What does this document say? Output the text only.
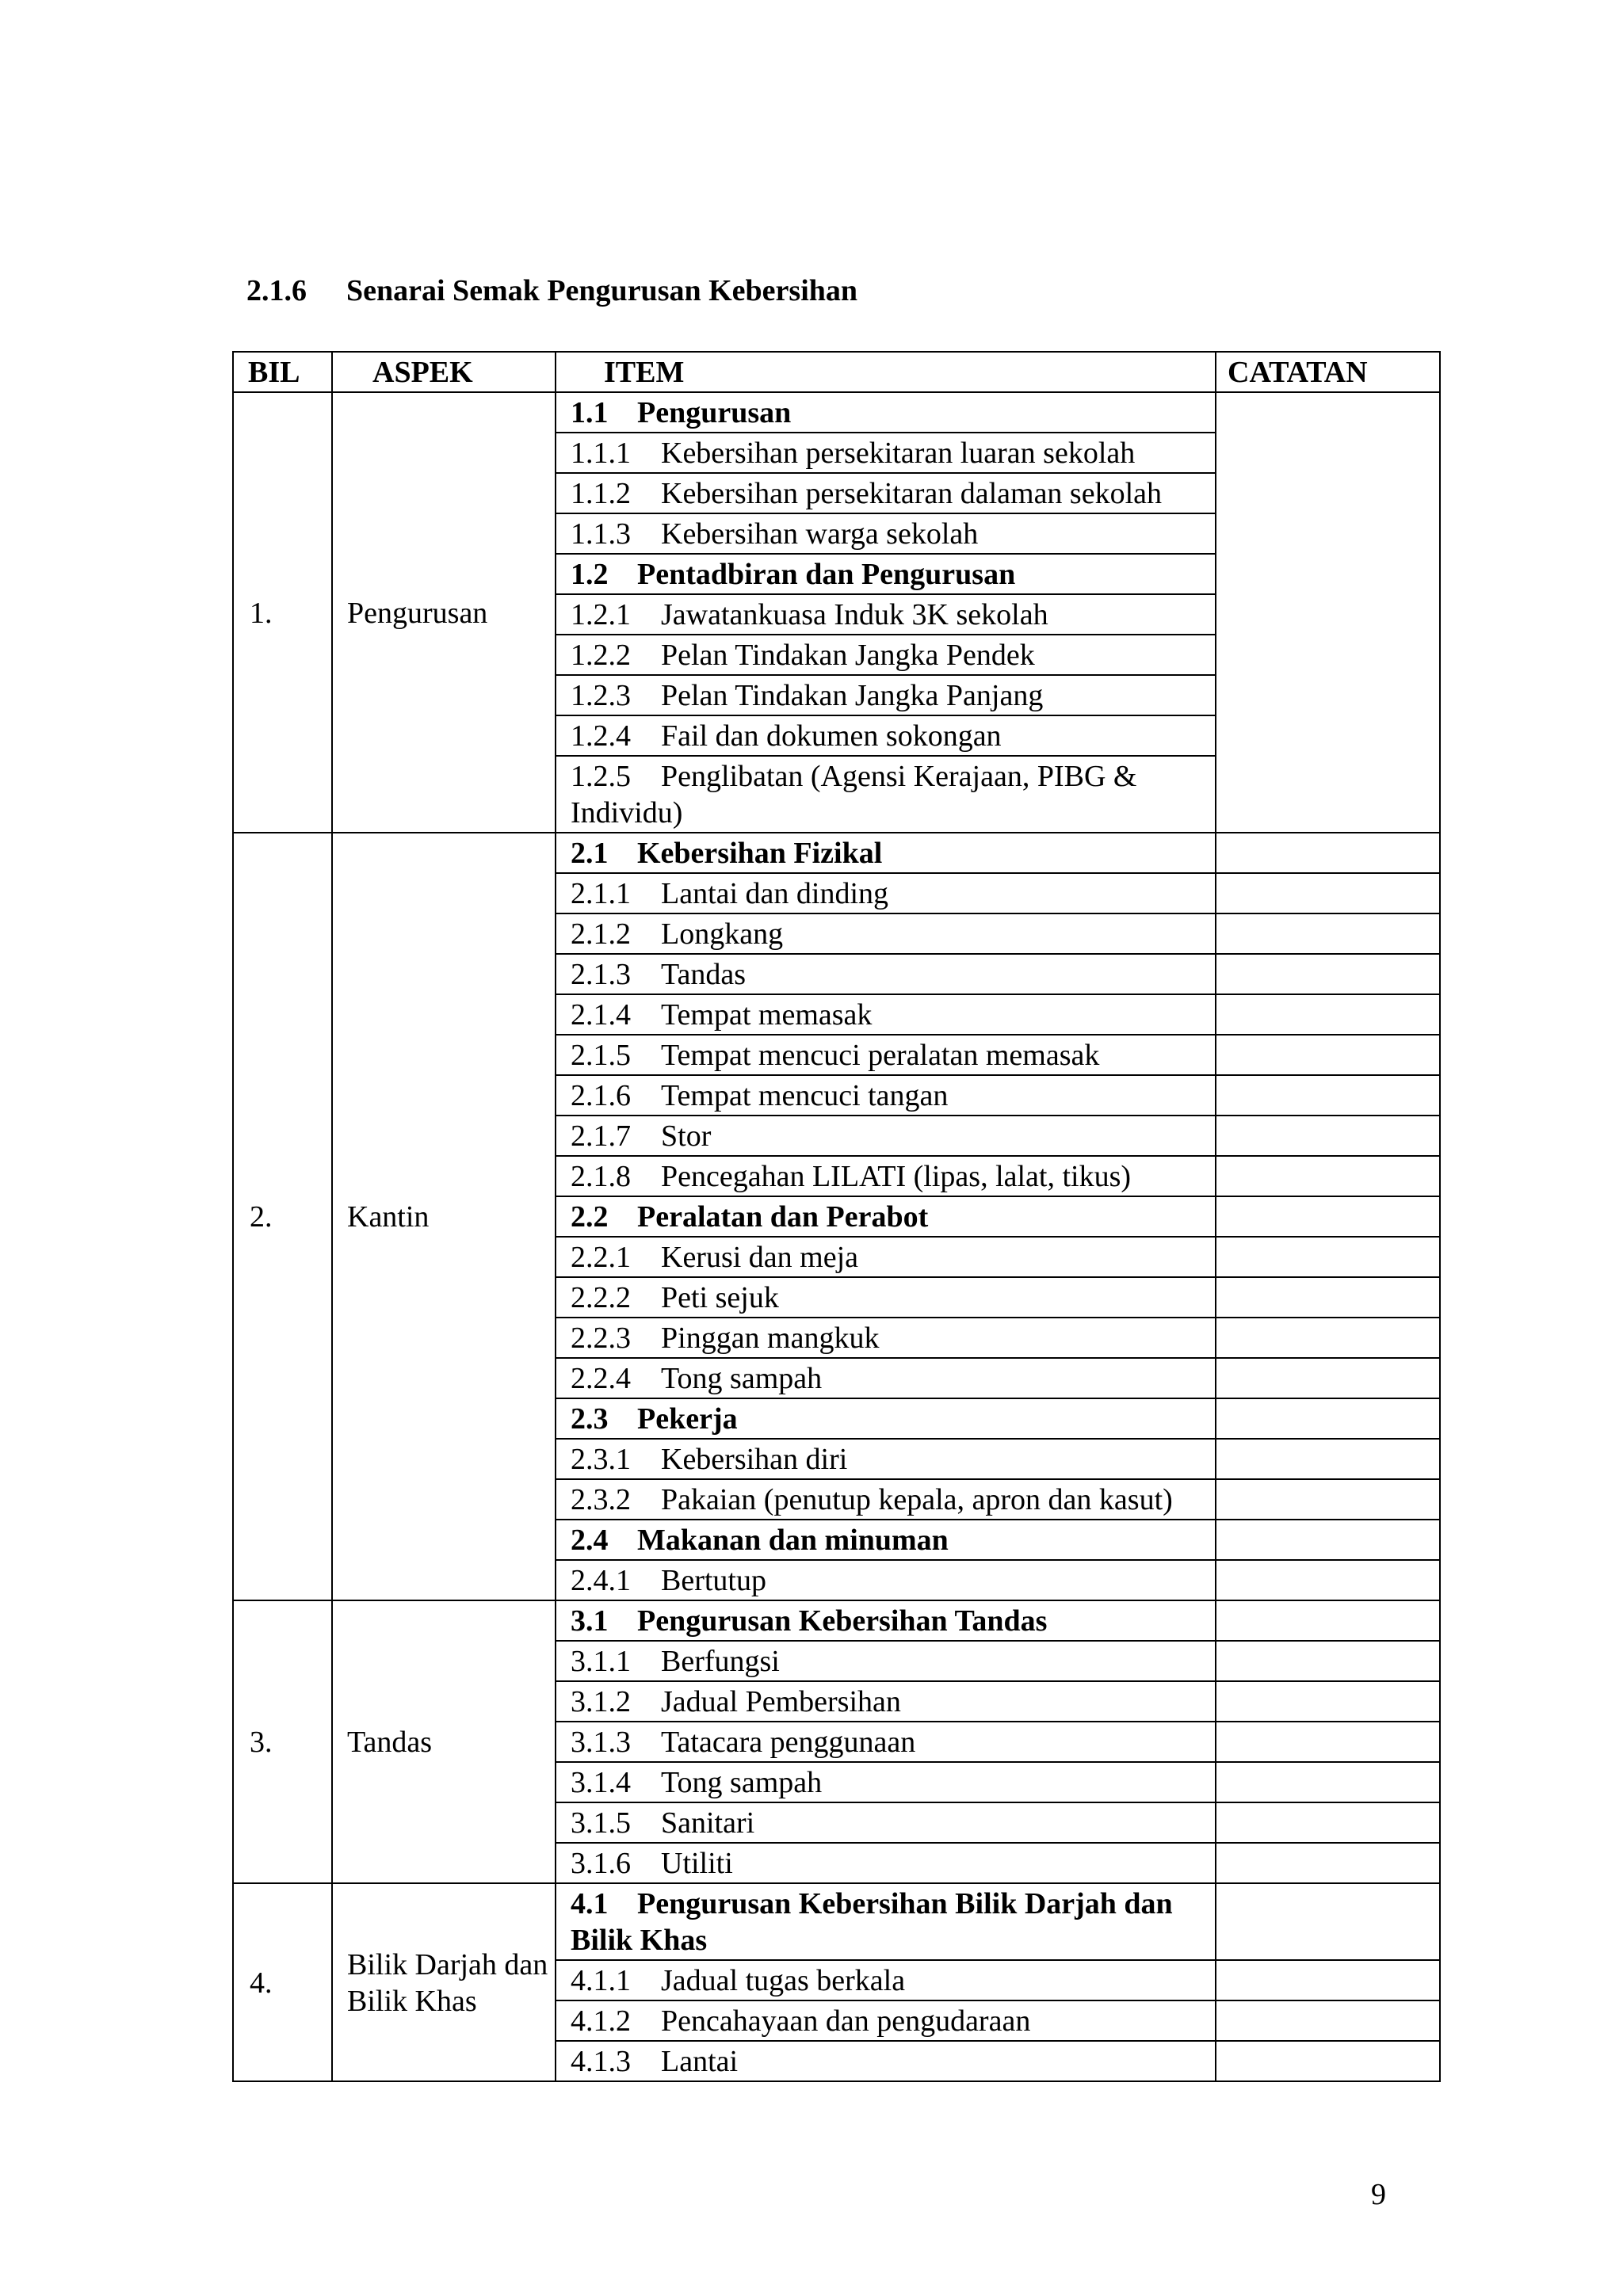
2.1.6 Senarai Semak Pengurusan Kebersihan
BIL	ASPEK	ITEM	CATATAN
1.	Pengurusan	1.1 Pengurusan	
		1.1.1 Kebersihan persekitaran luaran sekolah	
		1.1.2 Kebersihan persekitaran dalaman sekolah	
		1.1.3 Kebersihan warga sekolah	
		1.2 Pentadbiran dan Pengurusan	
		1.2.1 Jawatankuasa Induk 3K sekolah	
		1.2.2 Pelan Tindakan Jangka Pendek	
		1.2.3 Pelan Tindakan Jangka Panjang	
		1.2.4 Fail dan dokumen sokongan	
		1.2.5 Penglibatan (Agensi Kerajaan, PIBG & Individu)	
2.	Kantin	2.1 Kebersihan Fizikal	
		2.1.1 Lantai dan dinding	
		2.1.2 Longkang	
		2.1.3 Tandas	
		2.1.4 Tempat memasak	
		2.1.5 Tempat mencuci peralatan memasak	
		2.1.6 Tempat mencuci tangan	
		2.1.7 Stor	
		2.1.8 Pencegahan LILATI (lipas, lalat, tikus)	
		2.2 Peralatan dan Perabot	
		2.2.1 Kerusi dan meja	
		2.2.2 Peti sejuk	
		2.2.3 Pinggan mangkuk	
		2.2.4 Tong sampah	
		2.3 Pekerja	
		2.3.1 Kebersihan diri	
		2.3.2 Pakaian (penutup kepala, apron dan kasut)	
		2.4 Makanan dan minuman	
		2.4.1 Bertutup	
3.	Tandas	3.1 Pengurusan Kebersihan Tandas	
		3.1.1 Berfungsi	
		3.1.2 Jadual Pembersihan	
		3.1.3 Tatacara penggunaan	
		3.1.4 Tong sampah	
		3.1.5 Sanitari	
		3.1.6 Utiliti	
4.	Bilik Darjah dan Bilik Khas	4.1 Pengurusan Kebersihan Bilik Darjah dan Bilik Khas	
		4.1.1 Jadual tugas berkala	
		4.1.2 Pencahayaan dan pengudaraan	
		4.1.3 Lantai	
9
